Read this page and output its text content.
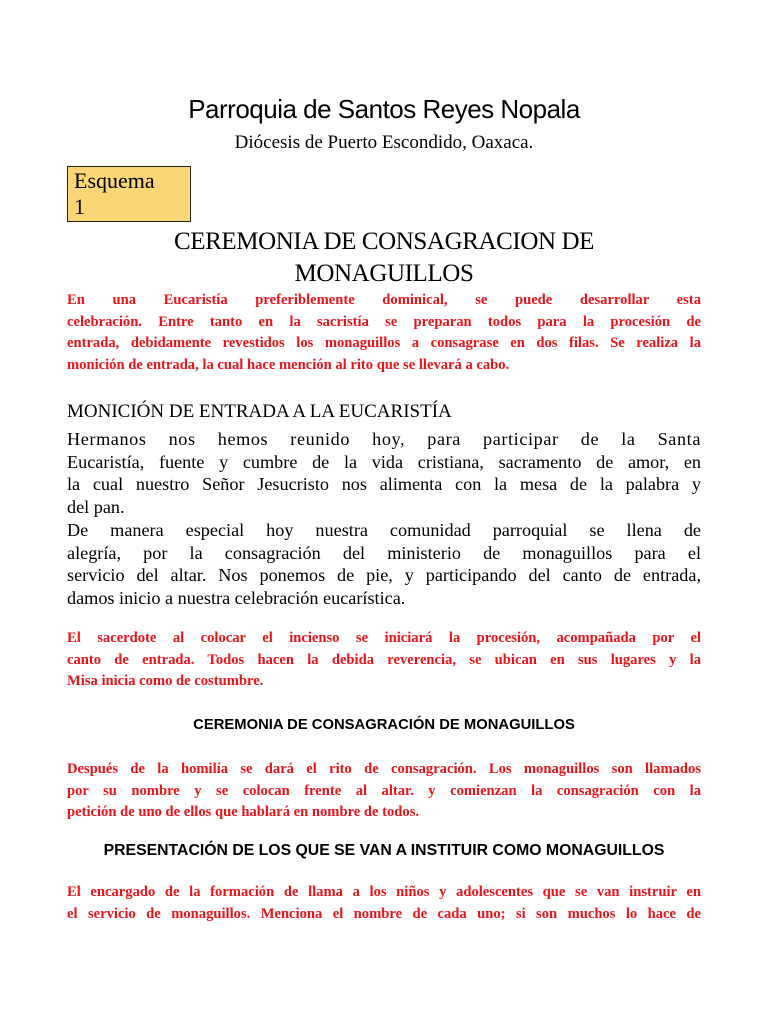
Parroquia de Santos Reyes Nopala
Diócesis de Puerto Escondido, Oaxaca.
Esquema
1
CEREMONIA DE CONSAGRACION DE
MONAGUILLOS

En una Eucaristía preferiblemente dominical, se puede desarrollar esta
celebración. Entre tanto en la sacristía se preparan todos para la procesión de
entrada, debidamente revestidos los monaguillos a consagrase en dos filas. Se realiza la
monición de entrada, la cual hace mención al rito que se llevará a cabo.

MONICIÓN DE ENTRADA A LA EUCARISTÍA

Hermanos nos hemos reunido hoy, para participar de la Santa
Eucaristía, fuente y cumbre de la vida cristiana, sacramento de amor, en
la cual nuestro Señor Jesucristo nos alimenta con la mesa de la palabra y
del pan.

De manera especial hoy nuestra comunidad parroquial se llena de
alegría, por la consagración del ministerio de monaguillos para el
servicio del altar. Nos ponemos de pie, y participando del canto de entrada,
damos inicio a nuestra celebración eucarística.

El sacerdote al colocar el incienso se iniciará la procesión, acompañada por el
canto de entrada. Todos hacen la debida reverencia, se ubican en sus lugares y la
Misa inicia como de costumbre.

CEREMONIA DE CONSAGRACIÓN DE MONAGUILLOS

Después de la homilía se dará el rito de consagración. Los monaguillos son llamados
por su nombre y se colocan frente al altar. y comienzan la consagración con la
petición de uno de ellos que hablará en nombre de todos.

PRESENTACIÓN DE LOS QUE SE VAN A INSTITUIR COMO MONAGUILLOS

El encargado de la formación de llama a los niños y adolescentes que se van instruir en
el servicio de monaguillos. Menciona el nombre de cada uno; si son muchos lo hace de
